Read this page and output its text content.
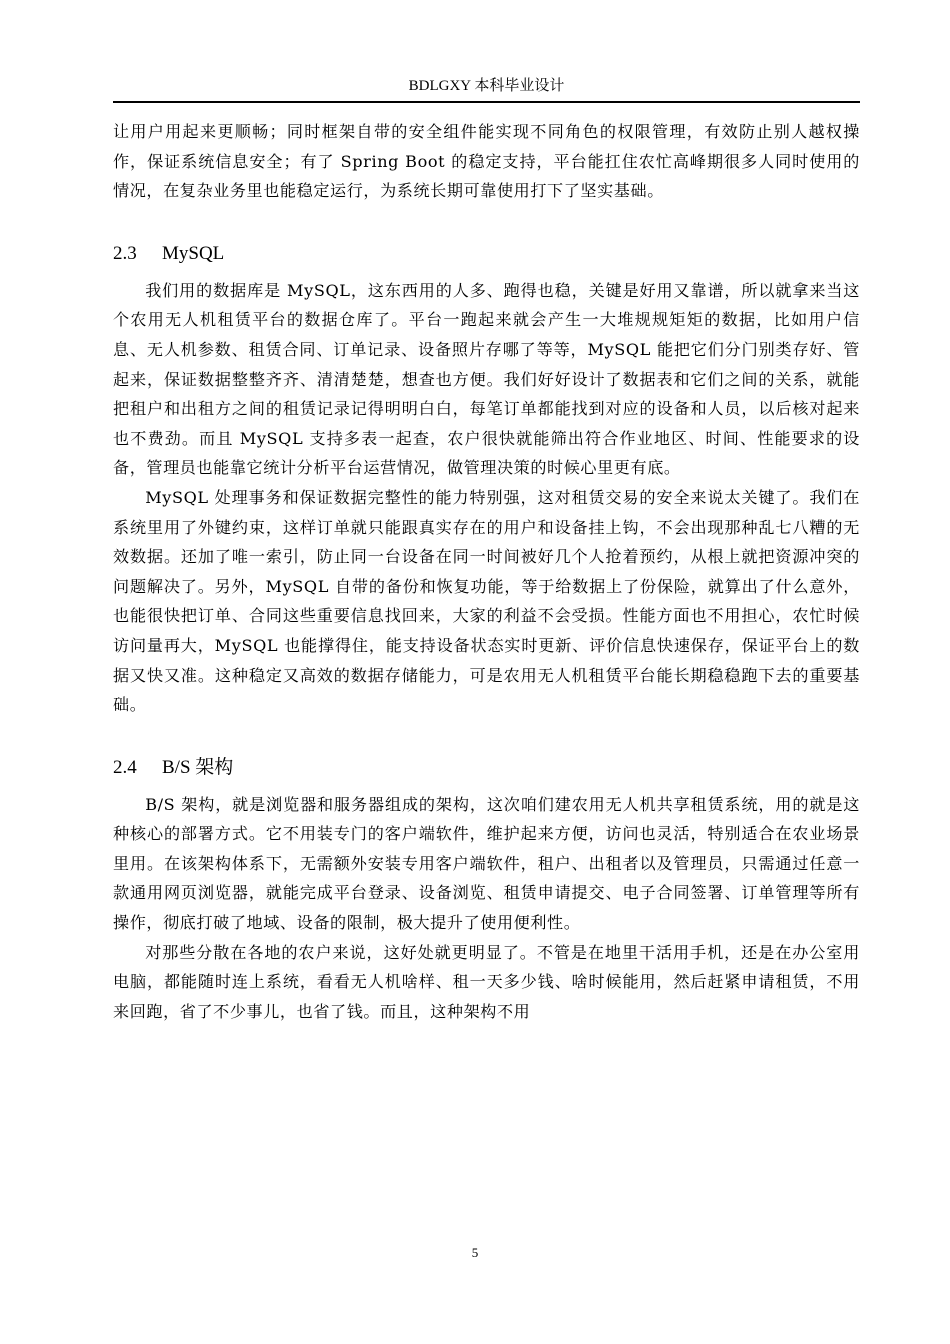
BDLGXY 本科毕业设计

让用户用起来更顺畅；同时框架自带的安全组件能实现不同角色的权限管理，有效防止别人越权操作，保证系统信息安全；有了 Spring Boot 的稳定支持，平台能扛住农忙高峰期很多人同时使用的情况，在复杂业务里也能稳定运行，为系统长期可靠使用打下了坚实基础。

2.3 MySQL

我们用的数据库是 MySQL，这东西用的人多、跑得也稳，关键是好用又靠谱，所以就拿来当这个农用无人机租赁平台的数据仓库了。平台一跑起来就会产生一大堆规规矩矩的数据，比如用户信息、无人机参数、租赁合同、订单记录、设备照片存哪了等等，MySQL 能把它们分门别类存好、管起来，保证数据整整齐齐、清清楚楚，想查也方便。我们好好设计了数据表和它们之间的关系，就能把租户和出租方之间的租赁记录记得明明白白，每笔订单都能找到对应的设备和人员，以后核对起来也不费劲。而且 MySQL 支持多表一起查，农户很快就能筛出符合作业地区、时间、性能要求的设备，管理员也能靠它统计分析平台运营情况，做管理决策的时候心里更有底。

MySQL 处理事务和保证数据完整性的能力特别强，这对租赁交易的安全来说太关键了。我们在系统里用了外键约束，这样订单就只能跟真实存在的用户和设备挂上钩，不会出现那种乱七八糟的无效数据。还加了唯一索引，防止同一台设备在同一时间被好几个人抢着预约，从根上就把资源冲突的问题解决了。另外，MySQL 自带的备份和恢复功能，等于给数据上了份保险，就算出了什么意外，也能很快把订单、合同这些重要信息找回来，大家的利益不会受损。性能方面也不用担心，农忙时候访问量再大，MySQL 也能撑得住，能支持设备状态实时更新、评价信息快速保存，保证平台上的数据又快又准。这种稳定又高效的数据存储能力，可是农用无人机租赁平台能长期稳稳跑下去的重要基础。

2.4 B/S 架构

B/S 架构，就是浏览器和服务器组成的架构，这次咱们建农用无人机共享租赁系统，用的就是这种核心的部署方式。它不用装专门的客户端软件，维护起来方便，访问也灵活，特别适合在农业场景里用。在该架构体系下，无需额外安装专用客户端软件，租户、出租者以及管理员，只需通过任意一款通用网页浏览器，就能完成平台登录、设备浏览、租赁申请提交、电子合同签署、订单管理等所有操作，彻底打破了地域、设备的限制，极大提升了使用便利性。

对那些分散在各地的农户来说，这好处就更明显了。不管是在地里干活用手机，还是在办公室用电脑，都能随时连上系统，看看无人机啥样、租一天多少钱、啥时候能用，然后赶紧申请租赁，不用来回跑，省了不少事儿，也省了钱。而且，这种架构不用

5
